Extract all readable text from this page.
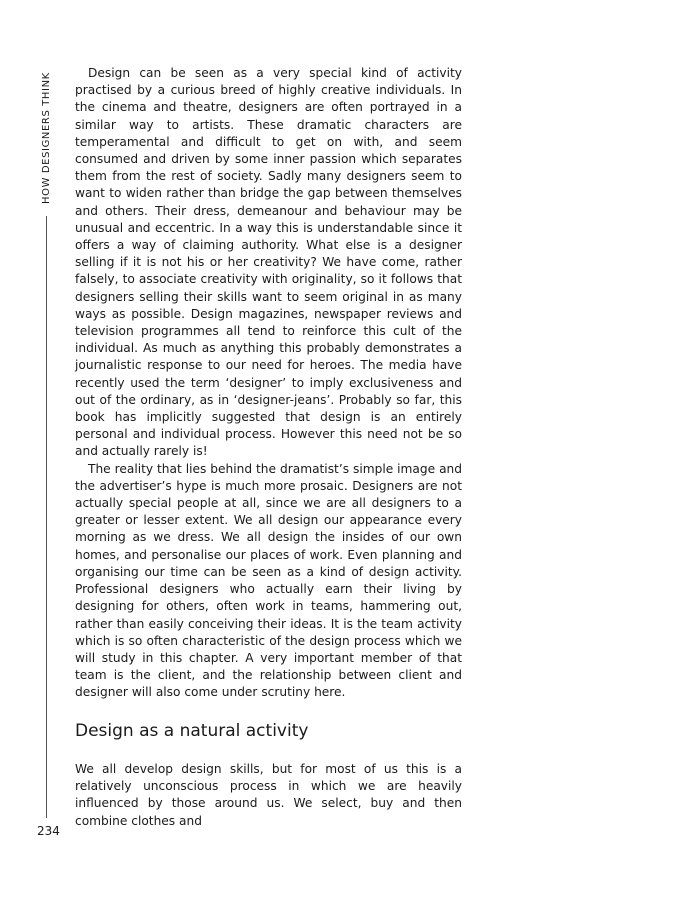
HOW DESIGNERS THINK
234

Design can be seen as a very special kind of activity practised by a curious breed of highly creative individuals. In the cinema and theatre, designers are often portrayed in a similar way to artists. These dramatic characters are temperamental and difficult to get on with, and seem consumed and driven by some inner passion which separates them from the rest of society. Sadly many designers seem to want to widen rather than bridge the gap between themselves and others. Their dress, demeanour and behaviour may be unusual and eccentric. In a way this is understandable since it offers a way of claiming authority. What else is a designer selling if it is not his or her creativity? We have come, rather falsely, to associate creativity with originality, so it follows that designers selling their skills want to seem original in as many ways as possible. Design magazines, newspaper reviews and television programmes all tend to reinforce this cult of the individual. As much as anything this probably demonstrates a journalistic response to our need for heroes. The media have recently used the term ‘designer’ to imply exclusiveness and out of the ordinary, as in ‘designer-jeans’. Probably so far, this book has implicitly suggested that design is an entirely personal and individual process. However this need not be so and actually rarely is!

The reality that lies behind the dramatist’s simple image and the advertiser’s hype is much more prosaic. Designers are not actually special people at all, since we are all designers to a greater or lesser extent. We all design our appearance every morning as we dress. We all design the insides of our own homes, and personalise our places of work. Even planning and organising our time can be seen as a kind of design activity. Professional designers who actually earn their living by designing for others, often work in teams, hammering out, rather than easily conceiving their ideas. It is the team activity which is so often characteristic of the design process which we will study in this chapter. A very important member of that team is the client, and the relationship between client and designer will also come under scrutiny here.

Design as a natural activity

We all develop design skills, but for most of us this is a relatively unconscious process in which we are heavily influenced by those around us. We select, buy and then combine clothes and
